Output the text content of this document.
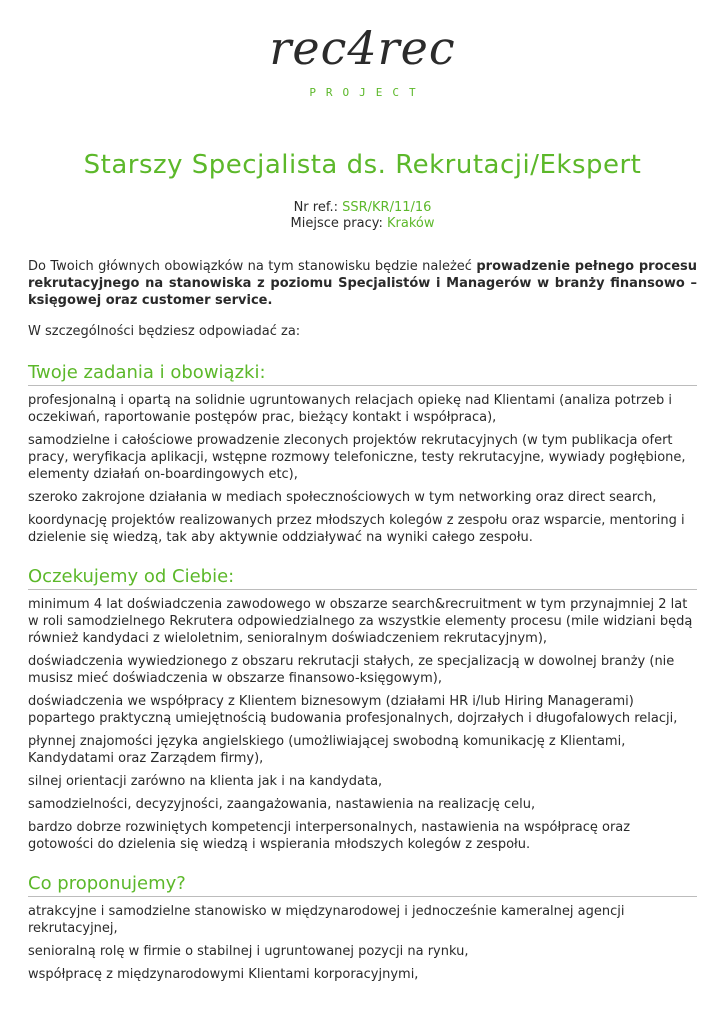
rec4rec
PROJECT
Starszy Specjalista ds. Rekrutacji/Ekspert
Nr ref.: SSR/KR/11/16
Miejsce pracy: Kraków

Do Twoich głównych obowiązków na tym stanowisku będzie należeć prowadzenie pełnego procesu rekrutacyjnego na stanowiska z poziomu Specjalistów i Managerów w branży finansowo – księgowej oraz customer service.

W szczególności będziesz odpowiadać za:

Twoje zadania i obowiązki:
profesjonalną i opartą na solidnie ugruntowanych relacjach opiekę nad Klientami (analiza potrzeb i oczekiwań, raportowanie postępów prac, bieżący kontakt i współpraca),
samodzielne i całościowe prowadzenie zleconych projektów rekrutacyjnych (w tym publikacja ofert pracy, weryfikacja aplikacji, wstępne rozmowy telefoniczne, testy rekrutacyjne, wywiady pogłębione, elementy działań on-boardingowych etc),
szeroko zakrojone działania w mediach społecznościowych w tym networking oraz direct search,
koordynację projektów realizowanych przez młodszych kolegów z zespołu oraz wsparcie, mentoring i dzielenie się wiedzą, tak aby aktywnie oddziaływać na wyniki całego zespołu.
Oczekujemy od Ciebie:
minimum 4 lat doświadczenia zawodowego w obszarze search&recruitment w tym przynajmniej 2 lat w roli samodzielnego Rekrutera odpowiedzialnego za wszystkie elementy procesu (mile widziani będą również kandydaci z wieloletnim, senioralnym doświadczeniem rekrutacyjnym),
doświadczenia wywiedzionego z obszaru rekrutacji stałych, ze specjalizacją w dowolnej branży (nie musisz mieć doświadczenia w obszarze finansowo-księgowym),
doświadczenia we współpracy z Klientem biznesowym (działami HR i/lub Hiring Managerami) popartego praktyczną umiejętnością budowania profesjonalnych, dojrzałych i długofalowych relacji,
płynnej znajomości języka angielskiego (umożliwiającej swobodną komunikację z Klientami, Kandydatami oraz Zarządem firmy),
silnej orientacji zarówno na klienta jak i na kandydata,
samodzielności, decyzyjności, zaangażowania, nastawienia na realizację celu,
bardzo dobrze rozwiniętych kompetencji interpersonalnych, nastawienia na współpracę oraz gotowości do dzielenia się wiedzą i wspierania młodszych kolegów z zespołu.
Co proponujemy?
atrakcyjne i samodzielne stanowisko w międzynarodowej i jednocześnie kameralnej agencji rekrutacyjnej,
senioralną rolę w firmie o stabilnej i ugruntowanej pozycji na rynku,
współpracę z międzynarodowymi Klientami korporacyjnymi,
